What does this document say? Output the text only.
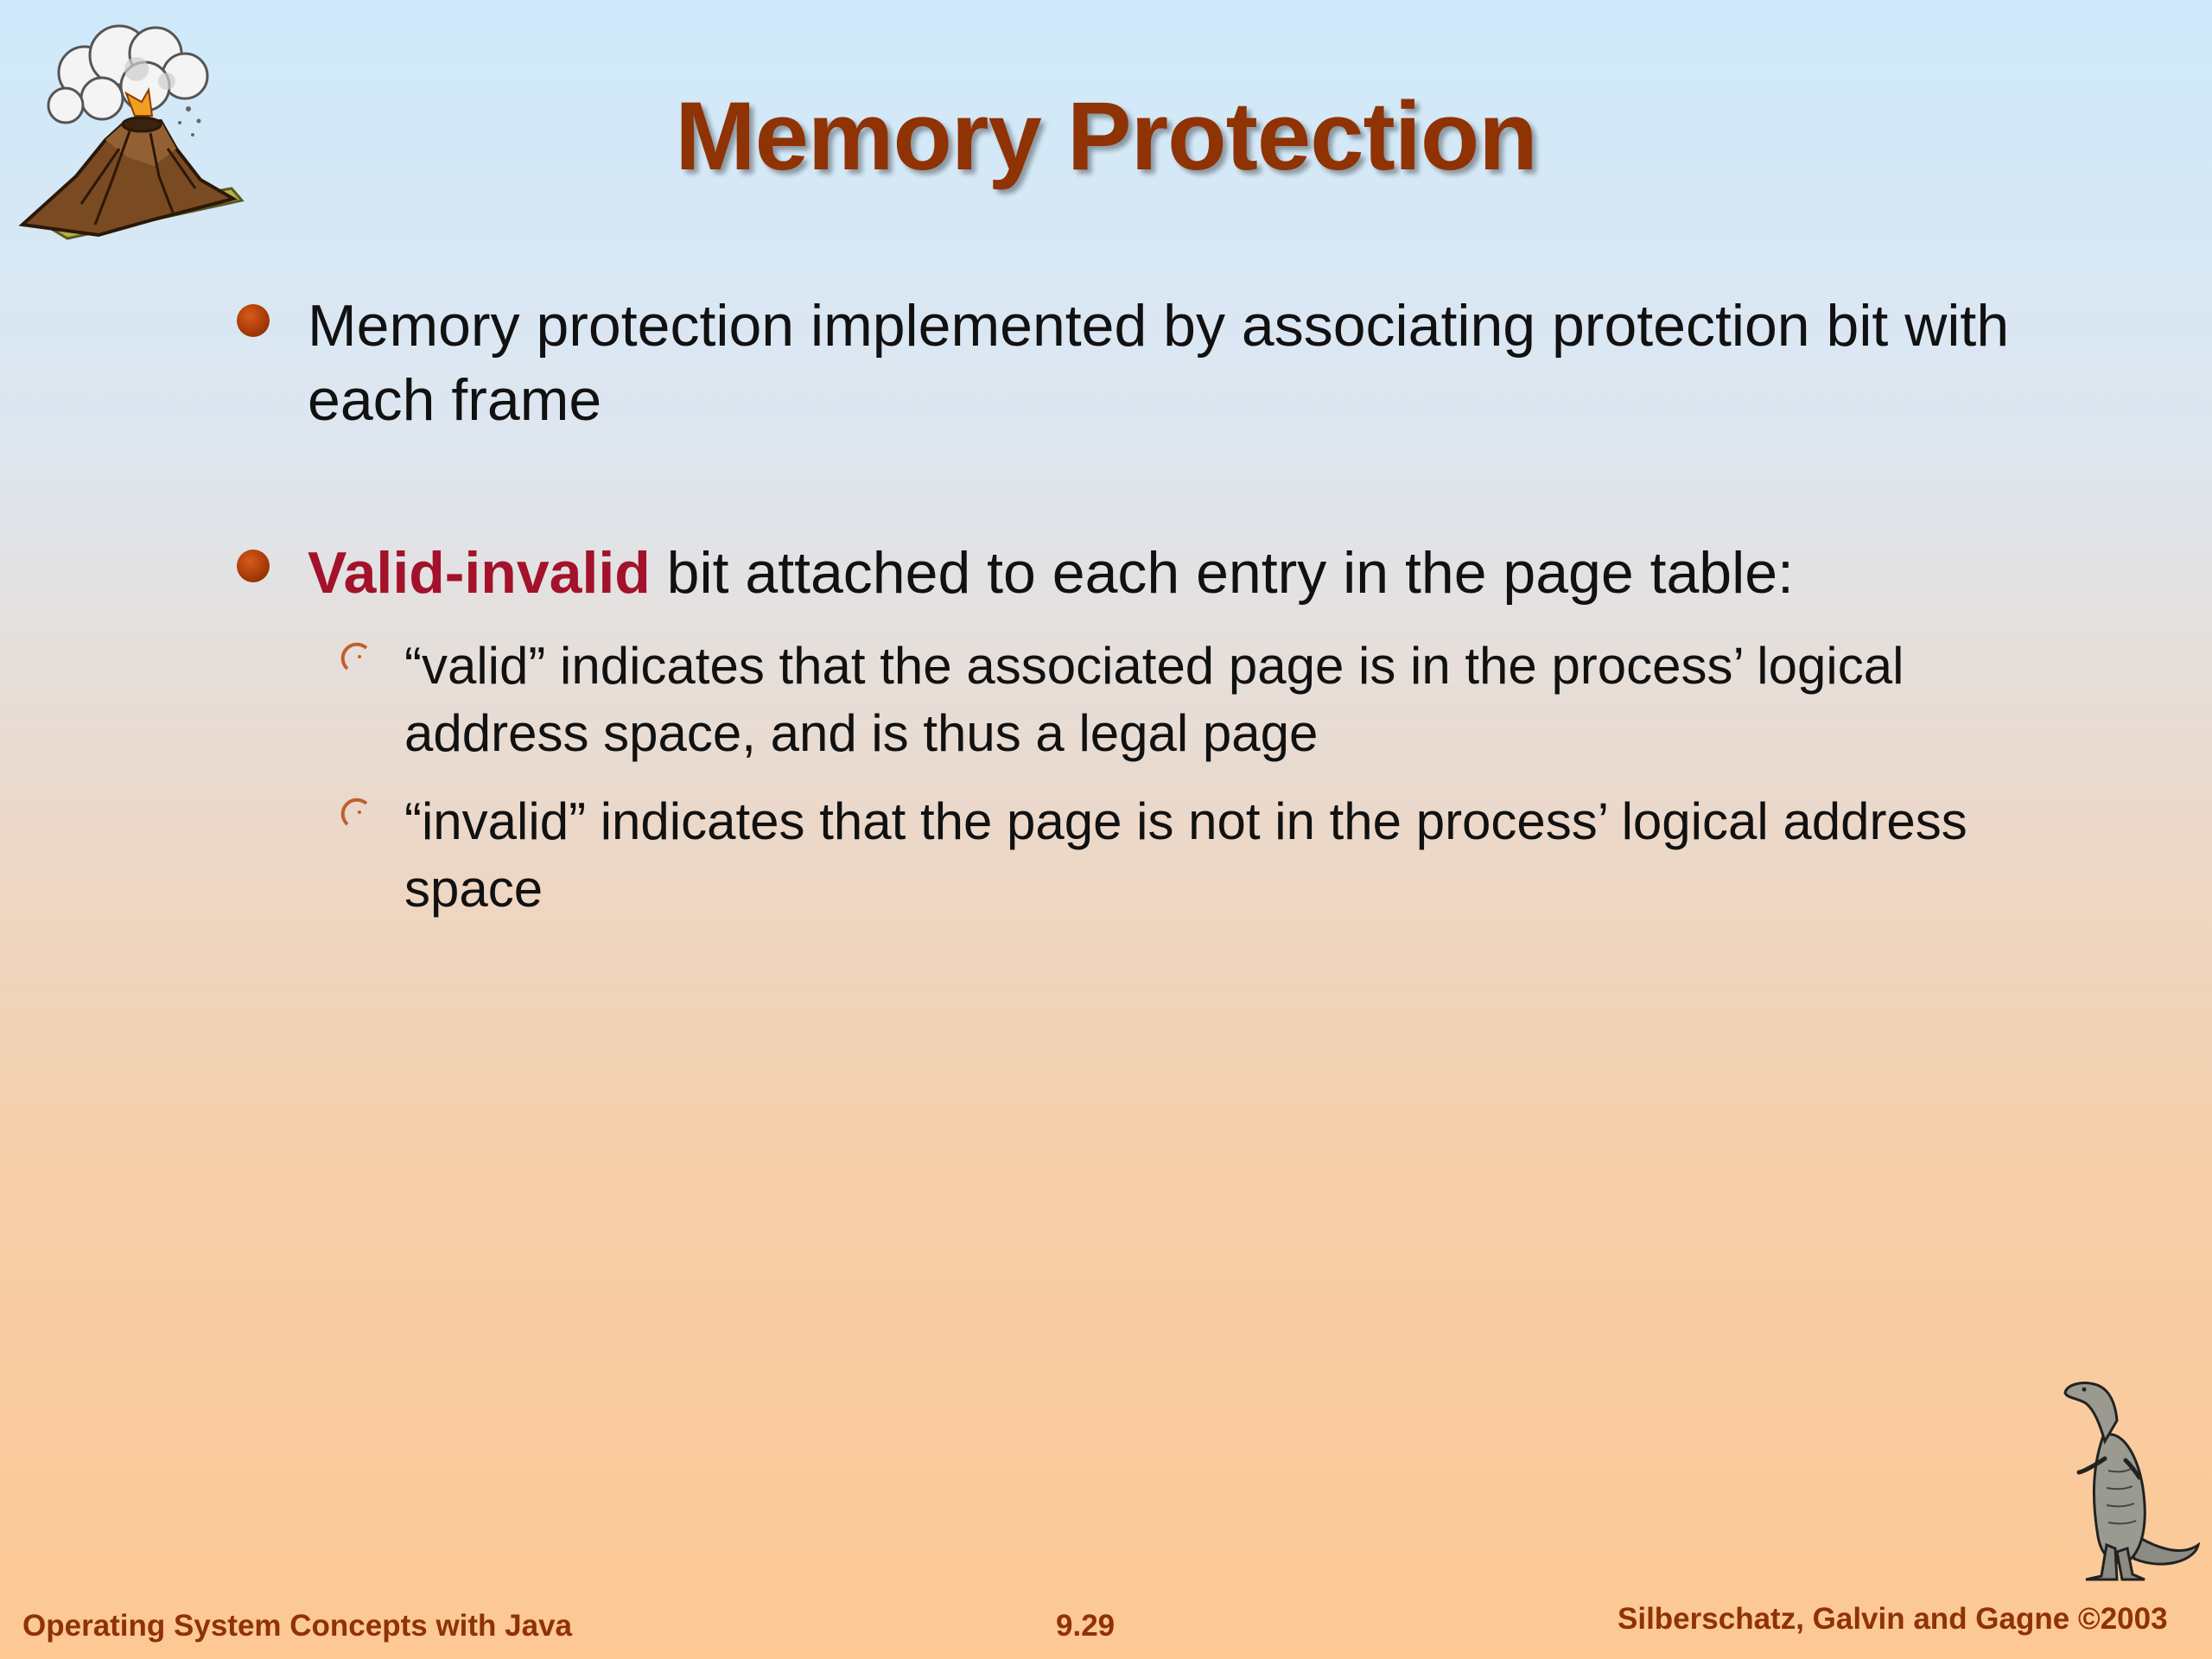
Memory Protection
Memory protection implemented by associating protection bit with each frame
Valid-invalid bit attached to each entry in the page table:
“valid” indicates that the associated page is in the process’ logical address space, and is thus a legal page
“invalid” indicates that the page is not in the process’ logical address space
Operating System Concepts with Java	9.29	Silberschatz, Galvin and Gagne ©2003
